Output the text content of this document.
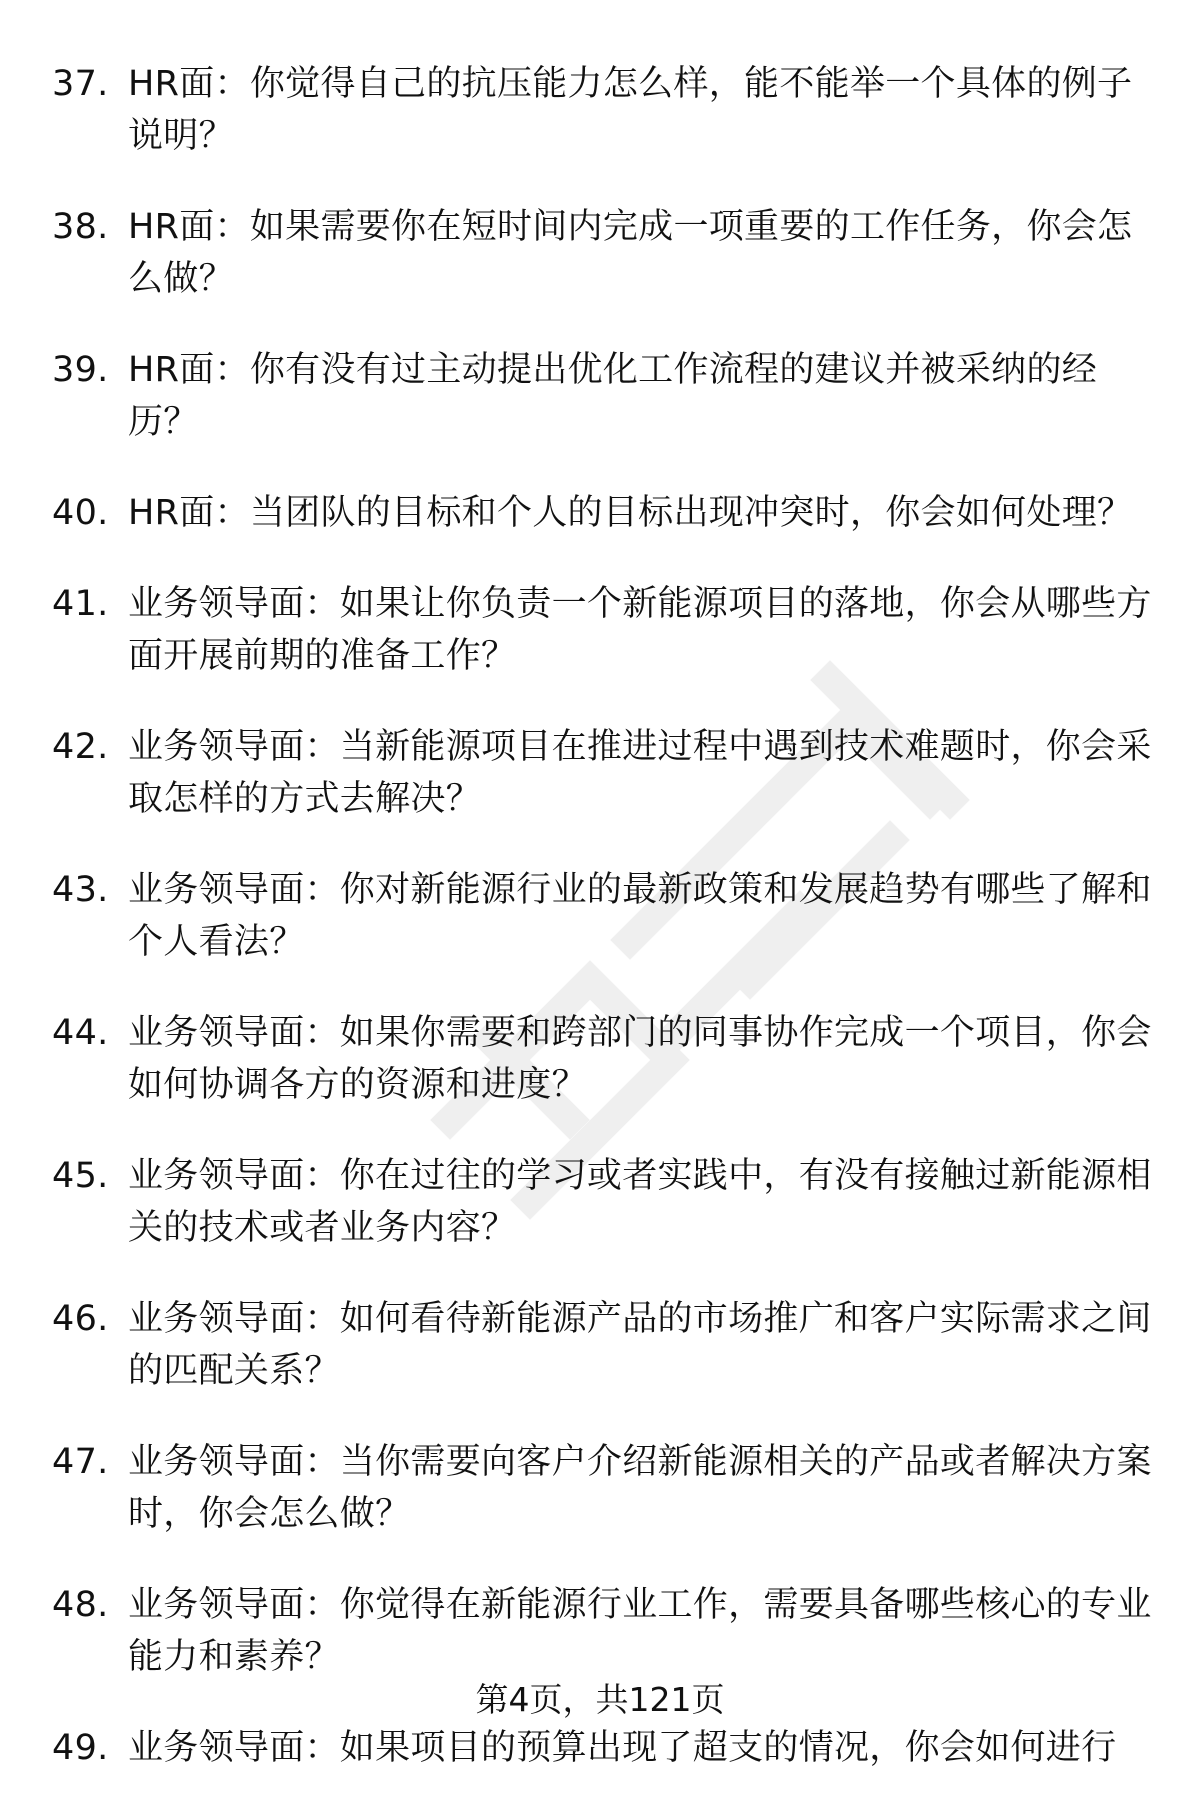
37. HR面：你觉得自己的抗压能力怎么样，能不能举一个具体的例子说明？
38. HR面：如果需要你在短时间内完成一项重要的工作任务，你会怎么做？
39. HR面：你有没有过主动提出优化工作流程的建议并被采纳的经历？
40. HR面：当团队的目标和个人的目标出现冲突时，你会如何处理？
41. 业务领导面：如果让你负责一个新能源项目的落地，你会从哪些方面开展前期的准备工作？
42. 业务领导面：当新能源项目在推进过程中遇到技术难题时，你会采取怎样的方式去解决？
43. 业务领导面：你对新能源行业的最新政策和发展趋势有哪些了解和个人看法？
44. 业务领导面：如果你需要和跨部门的同事协作完成一个项目，你会如何协调各方的资源和进度？
45. 业务领导面：你在过往的学习或者实践中，有没有接触过新能源相关的技术或者业务内容？
46. 业务领导面：如何看待新能源产品的市场推广和客户实际需求之间的匹配关系？
47. 业务领导面：当你需要向客户介绍新能源相关的产品或者解决方案时，你会怎么做？
48. 业务领导面：你觉得在新能源行业工作，需要具备哪些核心的专业能力和素养？
49. 业务领导面：如果项目的预算出现了超支的情况，你会如何进行
第4页，共121页
